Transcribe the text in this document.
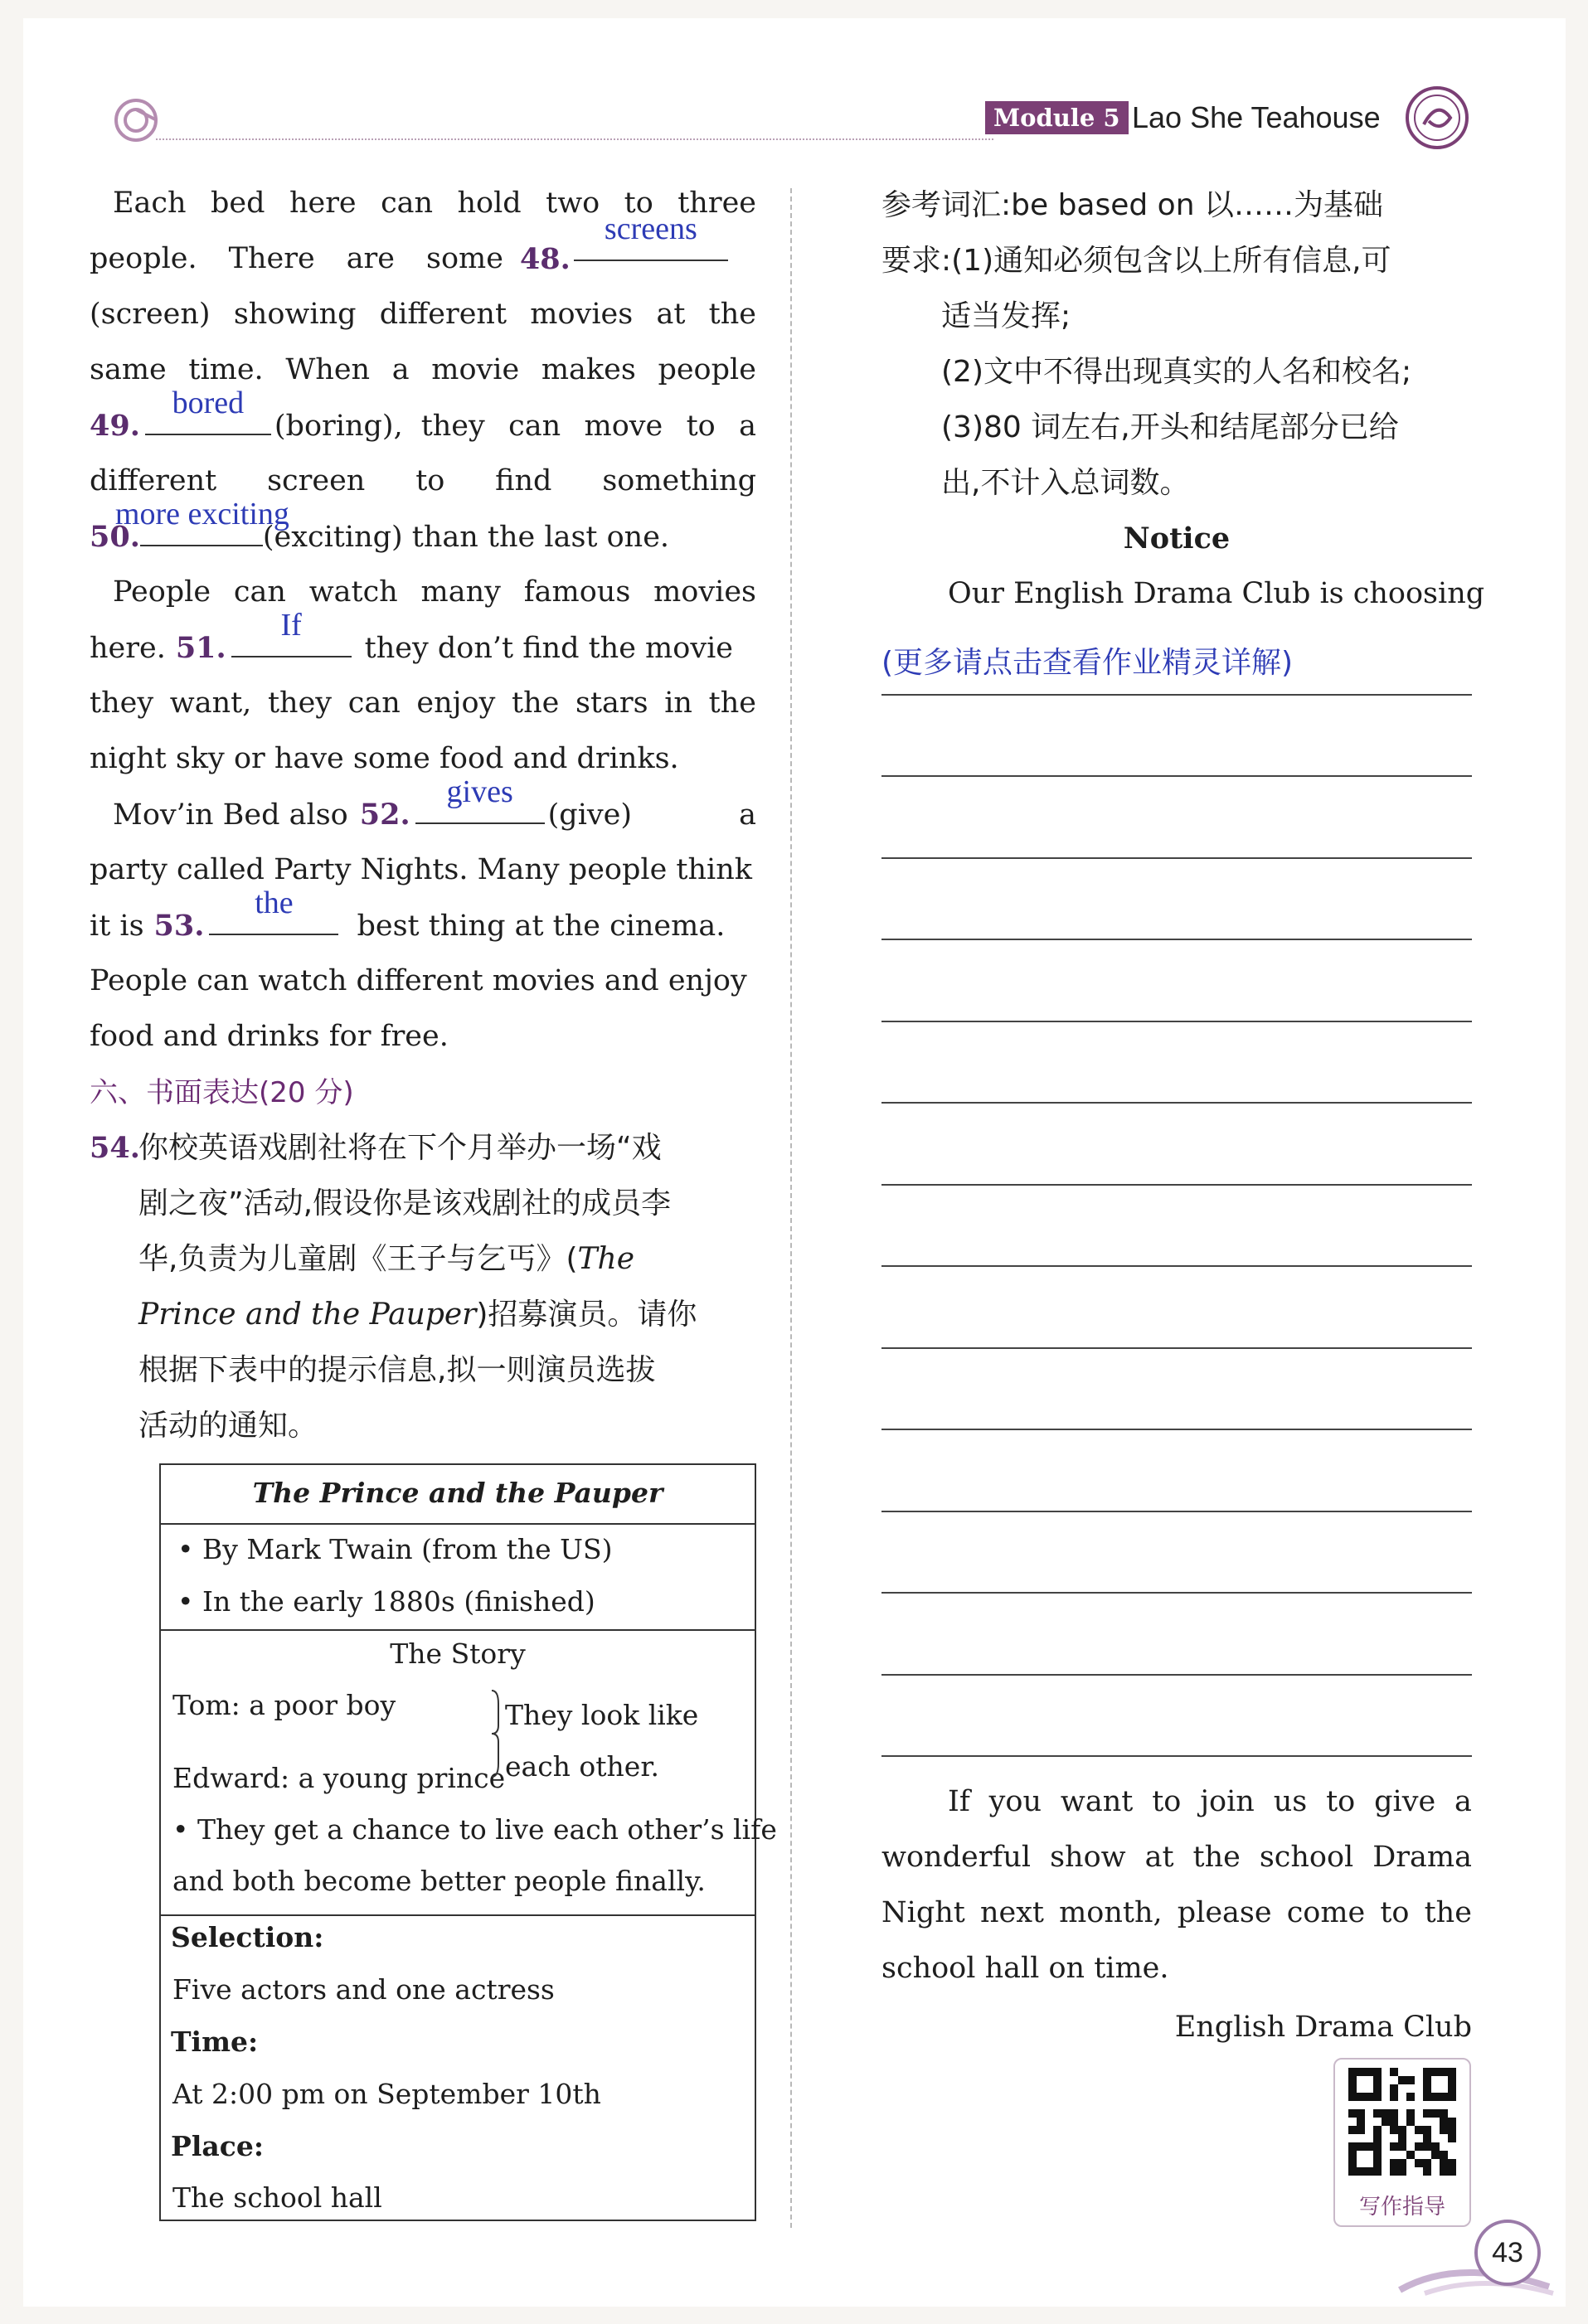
Module 5 Lao She Teahouse
Each bed here can hold two to three
people. There are some 48.
screens
(screen) showing different movies at the
same time. When a movie makes people
49.
bored
(boring), they can move to a
different screen to find something
50.
more exciting
(exciting) than the last one.
People can watch many famous movies
here. 51.
If
they don’t find the movie
they want, they can enjoy the stars in the
night sky or have some food and drinks.
Mov’in Bed also 52.
gives
(give)	a
party called Party Nights. Many people think
it is 53.
the
best thing at the cinema.
People can watch different movies and enjoy
food and drinks for free.
六、书面表达(20 分)
54.
你校英语戏剧社将在下个月举办一场“戏
剧之夜”活动,假设你是该戏剧社的成员李
华,负责为儿童剧《王子与乞丐》(The
Prince and the Pauper)招募演员。请你
根据下表中的提示信息,拟一则演员选拔
活动的通知。
The Prince and the Pauper
• By Mark Twain (from the US)
• In the early 1880s (finished)
The Story
Tom: a poor boy
Edward: a young prince
They look like
each other.
• They get a chance to live each other’s life
and both become better people finally.
Selection:
Five actors and one actress
Time:
At 2:00 pm on September 10th
Place:
The school hall
参考词汇:be based on 以……为基础
要求:(1)通知必须包含以上所有信息,可
适当发挥;
(2)文中不得出现真实的人名和校名;
(3)80 词左右,开头和结尾部分已给
出,不计入总词数。
Notice
Our English Drama Club is choosing
(更多请点击查看作业精灵详解)
If you want to join us to give a
wonderful show at the school Drama
Night next month, please come to the
school hall on time.
English Drama Club
写作指导
43
